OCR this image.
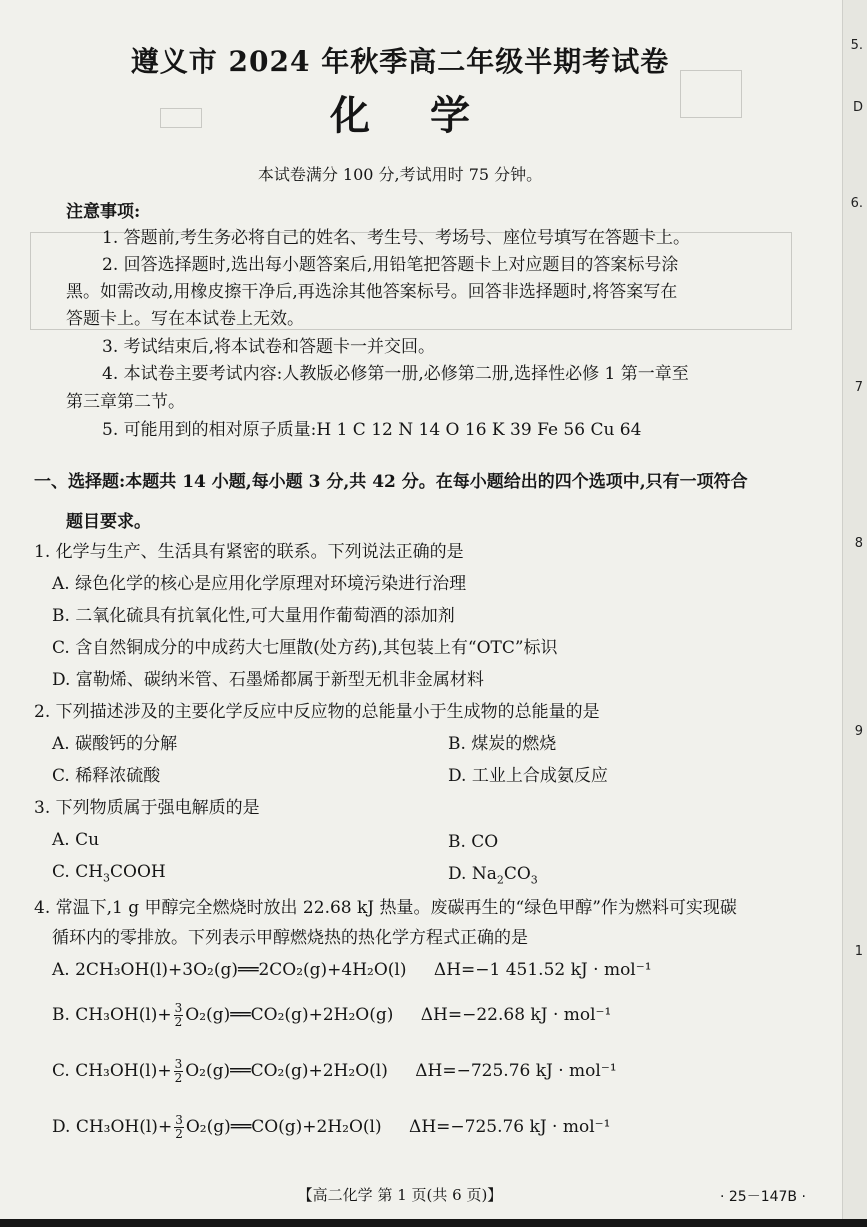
5.
D
6.
7
8
9
1
遵义市 2024 年秋季高二年级半期考试卷
化学
本试卷满分 100 分,考试用时 75 分钟。
注意事项:
1. 答题前,考生务必将自己的姓名、考生号、考场号、座位号填写在答题卡上。
2. 回答选择题时,选出每小题答案后,用铅笔把答题卡上对应题目的答案标号涂
黑。如需改动,用橡皮擦干净后,再选涂其他答案标号。回答非选择题时,将答案写在
答题卡上。写在本试卷上无效。
3. 考试结束后,将本试卷和答题卡一并交回。
4. 本试卷主要考试内容:人教版必修第一册,必修第二册,选择性必修 1 第一章至
第三章第二节。
5. 可能用到的相对原子质量:H 1 C 12 N 14 O 16 K 39 Fe 56 Cu 64
一、选择题:本题共 14 小题,每小题 3 分,共 42 分。在每小题给出的四个选项中,只有一项符合
题目要求。
1. 化学与生产、生活具有紧密的联系。下列说法正确的是
A. 绿色化学的核心是应用化学原理对环境污染进行治理
B. 二氧化硫具有抗氧化性,可大量用作葡萄酒的添加剂
C. 含自然铜成分的中成药大七厘散(处方药),其包装上有“OTC”标识
D. 富勒烯、碳纳米管、石墨烯都属于新型无机非金属材料
2. 下列描述涉及的主要化学反应中反应物的总能量小于生成物的总能量的是
A. 碳酸钙的分解	B. 煤炭的燃烧
C. 稀释浓硫酸	D. 工业上合成氨反应
3. 下列物质属于强电解质的是
A. Cu	B. CO
C. $CH_3COOH$	D. $Na_2CO_3$
4. 常温下,1 g 甲醇完全燃烧时放出 22.68 kJ 热量。废碳再生的“绿色甲醇”作为燃料可实现碳
循环内的零排放。下列表示甲醇燃烧热的热化学方程式正确的是
A. 2CH₃OH(l)+3O₂(g)══2CO₂(g)+4H₂O(l) ΔH=−1 451.52 kJ · mol⁻¹
B. $CH_3OH(l)+ \frac{3}{2}$ O₂(g)══CO₂(g)+2H₂O(g) ΔH=−22.68 kJ · mol⁻¹
C. $CH_3OH(l)+ \frac{3}{2}$ O₂(g)══CO₂(g)+2H₂O(l) ΔH=−725.76 kJ · mol⁻¹
D. $CH_3OH(l)+ \frac{3}{2}$ O₂(g)══CO(g)+2H₂O(l) ΔH=−725.76 kJ · mol⁻¹
【高二化学 第 1 页(共 6 页)】	· 25－147B ·
